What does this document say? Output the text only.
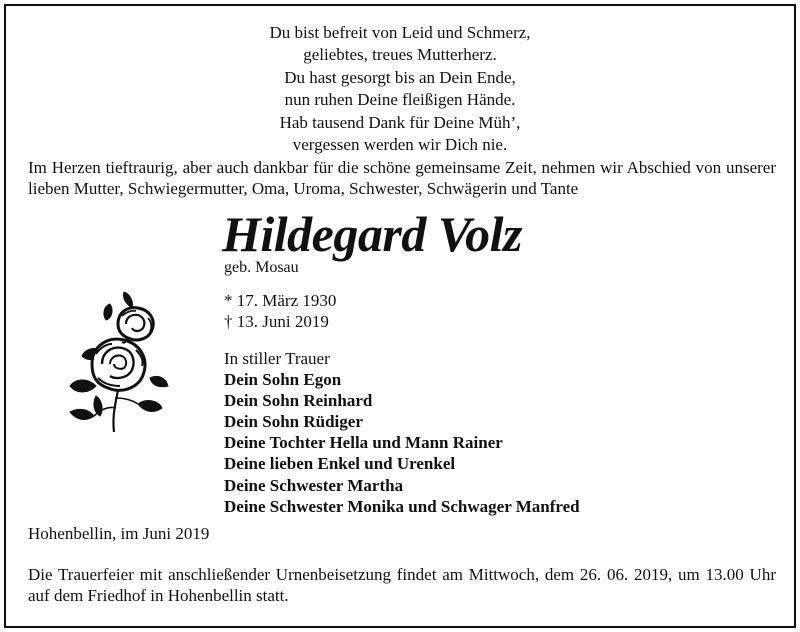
Du bist befreit von Leid und Schmerz,
geliebtes, treues Mutterherz.
Du hast gesorgt bis an Dein Ende,
nun ruhen Deine fleißigen Hände.
Hab tausend Dank für Deine Müh’,
vergessen werden wir Dich nie.
Im Herzen tieftraurig, aber auch dankbar für die schöne gemeinsame Zeit, nehmen wir Abschied von unserer lieben Mutter, Schwiegermutter, Oma, Uroma, Schwester, Schwägerin und Tante
Hildegard Volz
geb. Mosau
* 17. März 1930
† 13. Juni 2019
In stiller Trauer
Dein Sohn Egon
Dein Sohn Reinhard
Dein Sohn Rüdiger
Deine Tochter Hella und Mann Rainer
Deine lieben Enkel und Urenkel
Deine Schwester Martha
Deine Schwester Monika und Schwager Manfred
Hohenbellin, im Juni 2019
Die Trauerfeier mit anschließender Urnenbeisetzung findet am Mittwoch, dem 26. 06. 2019, um 13.00 Uhr auf dem Friedhof in Hohenbellin statt.
